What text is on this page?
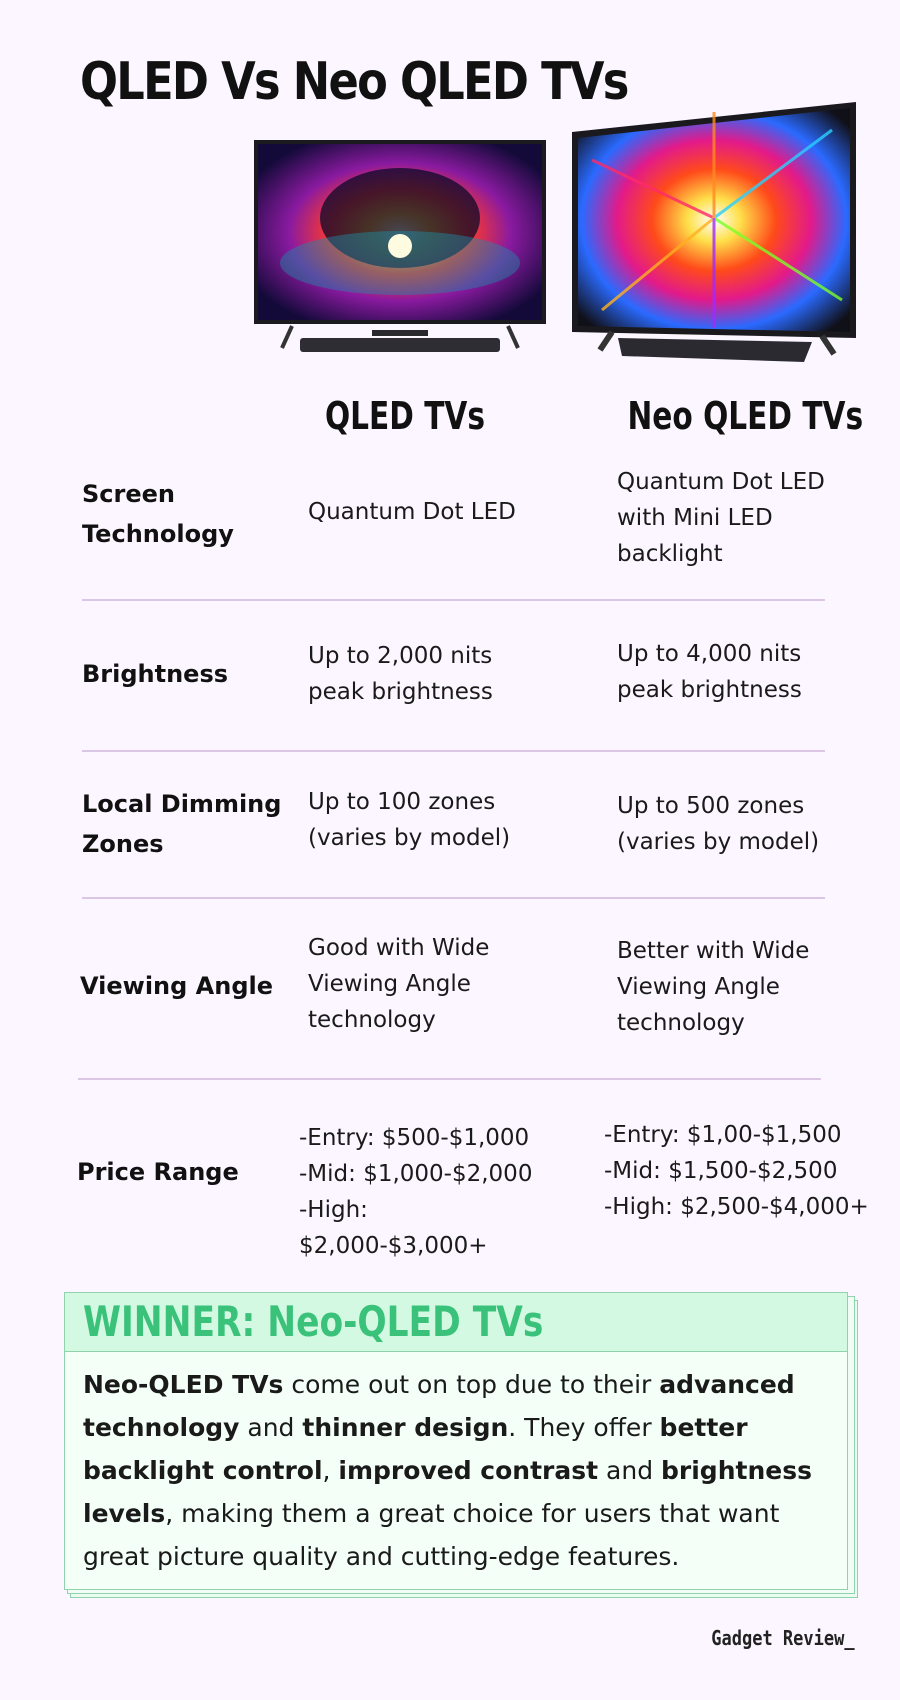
QLED Vs Neo QLED TVs
QLED TVs	Neo QLED TVs
Screen Technology
Quantum Dot LED
Quantum Dot LED with Mini LED backlight
Brightness
Up to 2,000 nits peak brightness
Up to 4,000 nits peak brightness
Local Dimming Zones
Up to 100 zones (varies by model)
Up to 500 zones (varies by model)
Viewing Angle
Good with Wide Viewing Angle technology
Better with Wide Viewing Angle technology
Price Range
-Entry: $500-$1,000
-Mid: $1,000-$2,000
-High: $2,000-$3,000+
-Entry: $1,00-$1,500
-Mid: $1,500-$2,500
-High: $2,500-$4,000+
WINNER: Neo-QLED TVs
Neo-QLED TVs come out on top due to their advanced technology and thinner design. They offer better backlight control, improved contrast and brightness levels, making them a great choice for users that want great picture quality and cutting-edge features.
Gadget Review_
